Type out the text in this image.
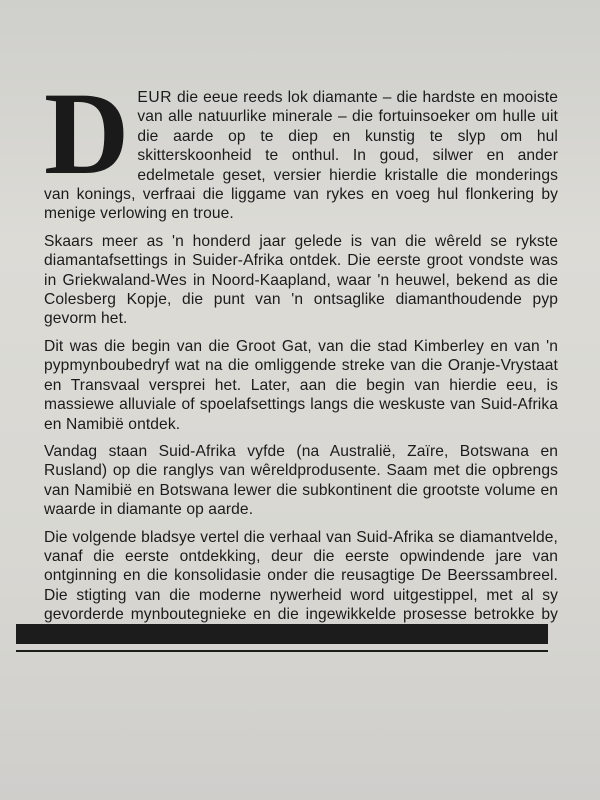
DEUR die eeue reeds lok diamante – die hardste en mooiste van alle natuurlike minerale – die fortuinsoeker om hulle uit die aarde op te diep en kunstig te slyp om hul skitterskoonheid te onthul. In goud, silwer en ander edelmetale geset, versier hierdie kristalle die monderings van konings, verfraai die liggame van rykes en voeg hul flonkering by menige verlowing en troue.

Skaars meer as 'n honderd jaar gelede is van die wêreld se rykste diamantafsettings in Suider-Afrika ontdek. Die eerste groot vondste was in Griekwaland-Wes in Noord-Kaapland, waar 'n heuwel, bekend as die Colesberg Kopje, die punt van 'n ontsaglike diamanthoudende pyp gevorm het.

Dit was die begin van die Groot Gat, van die stad Kimberley en van 'n pypmynboubedryf wat na die omliggende streke van die Oranje-Vrystaat en Transvaal versprei het. Later, aan die begin van hierdie eeu, is massiewe alluviale of spoelafsettings langs die weskuste van Suid-Afrika en Namibië ontdek.

Vandag staan Suid-Afrika vyfde (na Australië, Zaïre, Botswana en Rusland) op die ranglys van wêreldprodusente. Saam met die opbrengs van Namibië en Botswana lewer die subkontinent die grootste volume en waarde in diamante op aarde.

Die volgende bladsye vertel die verhaal van Suid-Afrika se diamantvelde, vanaf die eerste ontdekking, deur die eerste opwindende jare van ontginning en die konsolidasie onder die reusagtige De Beerssambreel. Die stigting van die moderne nywerheid word uitgestippel, met al sy gevorderde mynboutegnieke en die ingewikkelde prosesse betrokke by
